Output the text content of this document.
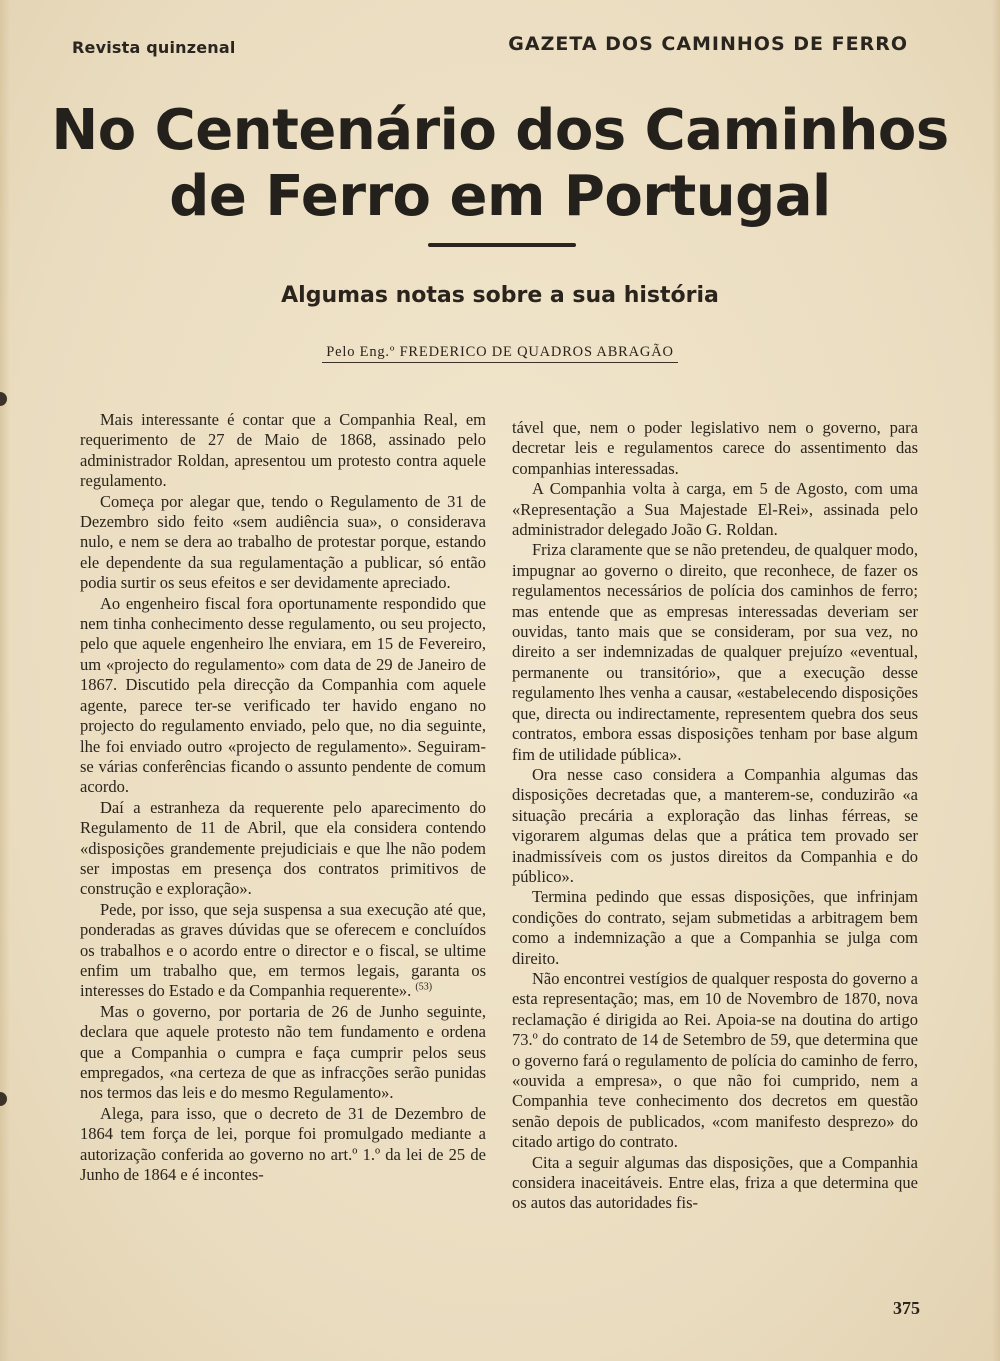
Revista quinzenal	GAZETA DOS CAMINHOS DE FERRO
No Centenário dos Caminhos
de Ferro em Portugal
Algumas notas sobre a sua história
Pelo Eng.º FREDERICO DE QUADROS ABRAGÃO

Mais interessante é contar que a Companhia Real, em requerimento de 27 de Maio de 1868, assinado pelo administrador Roldan, apresentou um protesto contra aquele regulamento.

Começa por alegar que, tendo o Regulamento de 31 de Dezembro sido feito «sem audiência sua», o considerava nulo, e nem se dera ao trabalho de protestar porque, estando ele dependente da sua regulamentação a publicar, só então podia surtir os seus efeitos e ser devidamente apreciado.

Ao engenheiro fiscal fora oportunamente respondido que nem tinha conhecimento desse regulamento, ou seu projecto, pelo que aquele engenheiro lhe enviara, em 15 de Fevereiro, um «projecto do regulamento» com data de 29 de Janeiro de 1867. Discutido pela direcção da Companhia com aquele agente, parece ter-se verificado ter havido engano no projecto do regulamento enviado, pelo que, no dia seguinte, lhe foi enviado outro «projecto de regulamento». Seguiram-se várias conferências ficando o assunto pendente de comum acordo.

Daí a estranheza da requerente pelo aparecimento do Regulamento de 11 de Abril, que ela considera contendo «disposições grandemente prejudiciais e que lhe não podem ser impostas em presença dos contratos primitivos de construção e exploração».

Pede, por isso, que seja suspensa a sua execução até que, ponderadas as graves dúvidas que se oferecem e concluídos os trabalhos e o acordo entre o director e o fiscal, se ultime enfim um trabalho que, em termos legais, garanta os interesses do Estado e da Companhia requerente». $^{(53)}$

Mas o governo, por portaria de 26 de Junho seguinte, declara que aquele protesto não tem fundamento e ordena que a Companhia o cumpra e faça cumprir pelos seus empregados, «na certeza de que as infracções serão punidas nos termos das leis e do mesmo Regulamento».

Alega, para isso, que o decreto de 31 de Dezembro de 1864 tem força de lei, porque foi promulgado mediante a autorização conferida ao governo no art.º 1.º da lei de 25 de Junho de 1864 e é incontes-

tável que, nem o poder legislativo nem o governo, para decretar leis e regulamentos carece do assentimento das companhias interessadas.

A Companhia volta à carga, em 5 de Agosto, com uma «Representação a Sua Majestade El-Rei», assinada pelo administrador delegado João G. Roldan.

Friza claramente que se não pretendeu, de qualquer modo, impugnar ao governo o direito, que reconhece, de fazer os regulamentos necessários de polícia dos caminhos de ferro; mas entende que as empresas interessadas deveriam ser ouvidas, tanto mais que se consideram, por sua vez, no direito a ser indemnizadas de qualquer prejuízo «eventual, permanente ou transitório», que a execução desse regulamento lhes venha a causar, «estabelecendo disposições que, directa ou indirectamente, representem quebra dos seus contratos, embora essas disposições tenham por base algum fim de utilidade pública».

Ora nesse caso considera a Companhia algumas das disposições decretadas que, a manterem-se, conduzirão «a situação precária a exploração das linhas férreas, se vigorarem algumas delas que a prática tem provado ser inadmissíveis com os justos direitos da Companhia e do público».

Termina pedindo que essas disposições, que infrinjam condições do contrato, sejam submetidas a arbitragem bem como a indemnização a que a Companhia se julga com direito.

Não encontrei vestígios de qualquer resposta do governo a esta representação; mas, em 10 de Novembro de 1870, nova reclamação é dirigida ao Rei. Apoia-se na doutina do artigo 73.º do contrato de 14 de Setembro de 59, que determina que o governo fará o regulamento de polícia do caminho de ferro, «ouvida a empresa», o que não foi cumprido, nem a Companhia teve conhecimento dos decretos em questão senão depois de publicados, «com manifesto desprezo» do citado artigo do contrato.

Cita a seguir algumas das disposições, que a Companhia considera inaceitáveis. Entre elas, friza a que determina que os autos das autoridades fis-

375
